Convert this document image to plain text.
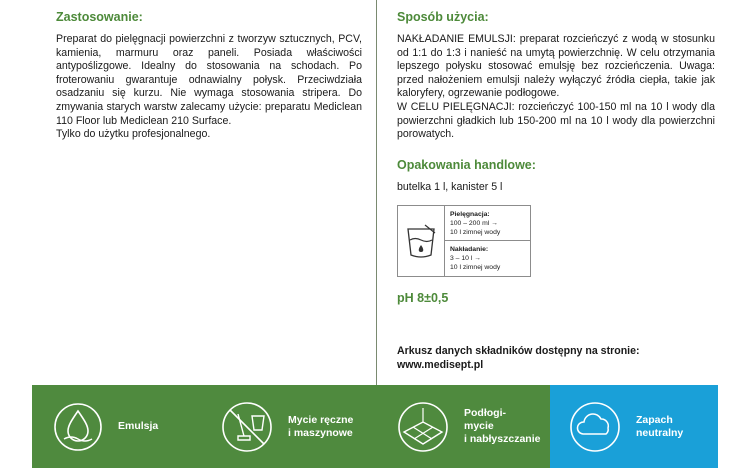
Zastosowanie:

Preparat do pielęgnacji powierzchni z tworzyw sztucznych, PCV, kamienia, marmuru oraz paneli. Posiada właściwości antypoślizgowe. Idealny do stosowania na schodach. Po froterowaniu gwarantuje odnawialny połysk. Przeciwdziała osadzaniu się kurzu. Nie wymaga stosowania stripera. Do zmywania starych warstw zalecamy użycie: preparatu Mediclean 110 Floor lub Mediclean 210 Surface.

Tylko do użytku profesjonalnego.

Sposób użycia:

NAKŁADANIE EMULSJI: preparat rozcieńczyć z wodą w stosunku od 1:1 do 1:3 i nanieść na umytą powierzchnię. W celu otrzymania lepszego połysku stosować emulsję bez rozcieńczenia. Uwaga: przed nałożeniem emulsji należy wyłączyć źródła ciepła, takie jak kaloryfery, ogrzewanie podłogowe.

W CELU PIELĘGNACJI: rozcieńczyć 100-150 ml na 10 l wody dla powierzchni gładkich lub 150-200 ml na 10 l wody dla powierzchni porowatych.

Opakowania handlowe:

butelka 1 l, kanister 5 l

Pielęgnacja:
100 – 200 ml →
10 l zimnej wody
Nakładanie:
3 – 10 l →
10 l zimnej wody

pH 8±0,5

Arkusz danych składników dostępny na stronie:
www.medisept.pl
Emulsja
Mycie ręczne
i maszynowe
Podłogi-
mycie
i nabłyszczanie
Zapach
neutralny
